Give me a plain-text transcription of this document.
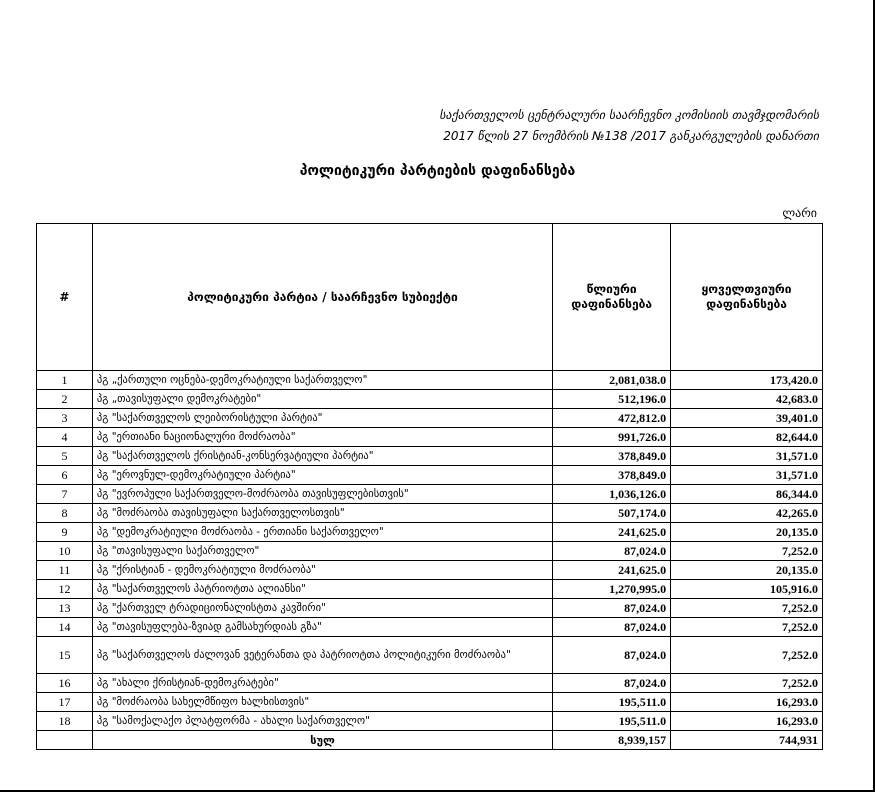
საქართველოს ცენტრალური საარჩევნო კომისიის თავმჯდომარის
2017 წლის 27 ნოემბრის №138 /2017 განკარგულების დანართი
პოლიტიკური პარტიების დაფინანსება
ლარი
#	პოლიტიკური პარტია / საარჩევნო სუბიექტი	წლიური დაფინანსება	ყოველთვიური დაფინანსება
1	პგ „ქართული ოცნება-დემოკრატიული საქართველო"	2,081,038.0	173,420.0
2	პგ „თავისუფალი დემოკრატები"	512,196.0	42,683.0
3	პგ "საქართველოს ლეიბორისტული პარტია"	472,812.0	39,401.0
4	პგ "ერთიანი ნაციონალური მოძრაობა"	991,726.0	82,644.0
5	პგ "საქართველოს ქრისტიან-კონსერვატიული პარტია"	378,849.0	31,571.0
6	პგ "ეროვნულ-დემოკრატიული პარტია"	378,849.0	31,571.0
7	პგ "ევროპული საქართველო-მოძრაობა თავისუფლებისთვის"	1,036,126.0	86,344.0
8	პგ "მოძრაობა თავისუფალი საქართველოსთვის"	507,174.0	42,265.0
9	პგ "დემოკრატიული მოძრაობა - ერთიანი საქართველო"	241,625.0	20,135.0
10	პგ "თავისუფალი საქართველო"	87,024.0	7,252.0
11	პგ "ქრისტიან - დემოკრატიული მოძრაობა"	241,625.0	20,135.0
12	პგ "საქართველოს პატრიოტთა ალიანსი"	1,270,995.0	105,916.0
13	პგ "ქართველ ტრადიციონალისტთა კავშირი"	87,024.0	7,252.0
14	პგ "თავისუფლება-ზვიად გამსახურდიას გზა"	87,024.0	7,252.0
15	პგ "საქართველოს ძალოვან ვეტერანთა და პატრიოტთა პოლიტიკური მოძრაობა"	87,024.0	7,252.0
16	პგ "ახალი ქრისტიან-დემოკრატები"	87,024.0	7,252.0
17	პგ "მოძრაობა სახელმწიფო ხალხისთვის"	195,511.0	16,293.0
18	პგ "სამოქალაქო პლატფორმა - ახალი საქართველო"	195,511.0	16,293.0
	სულ	8,939,157	744,931
